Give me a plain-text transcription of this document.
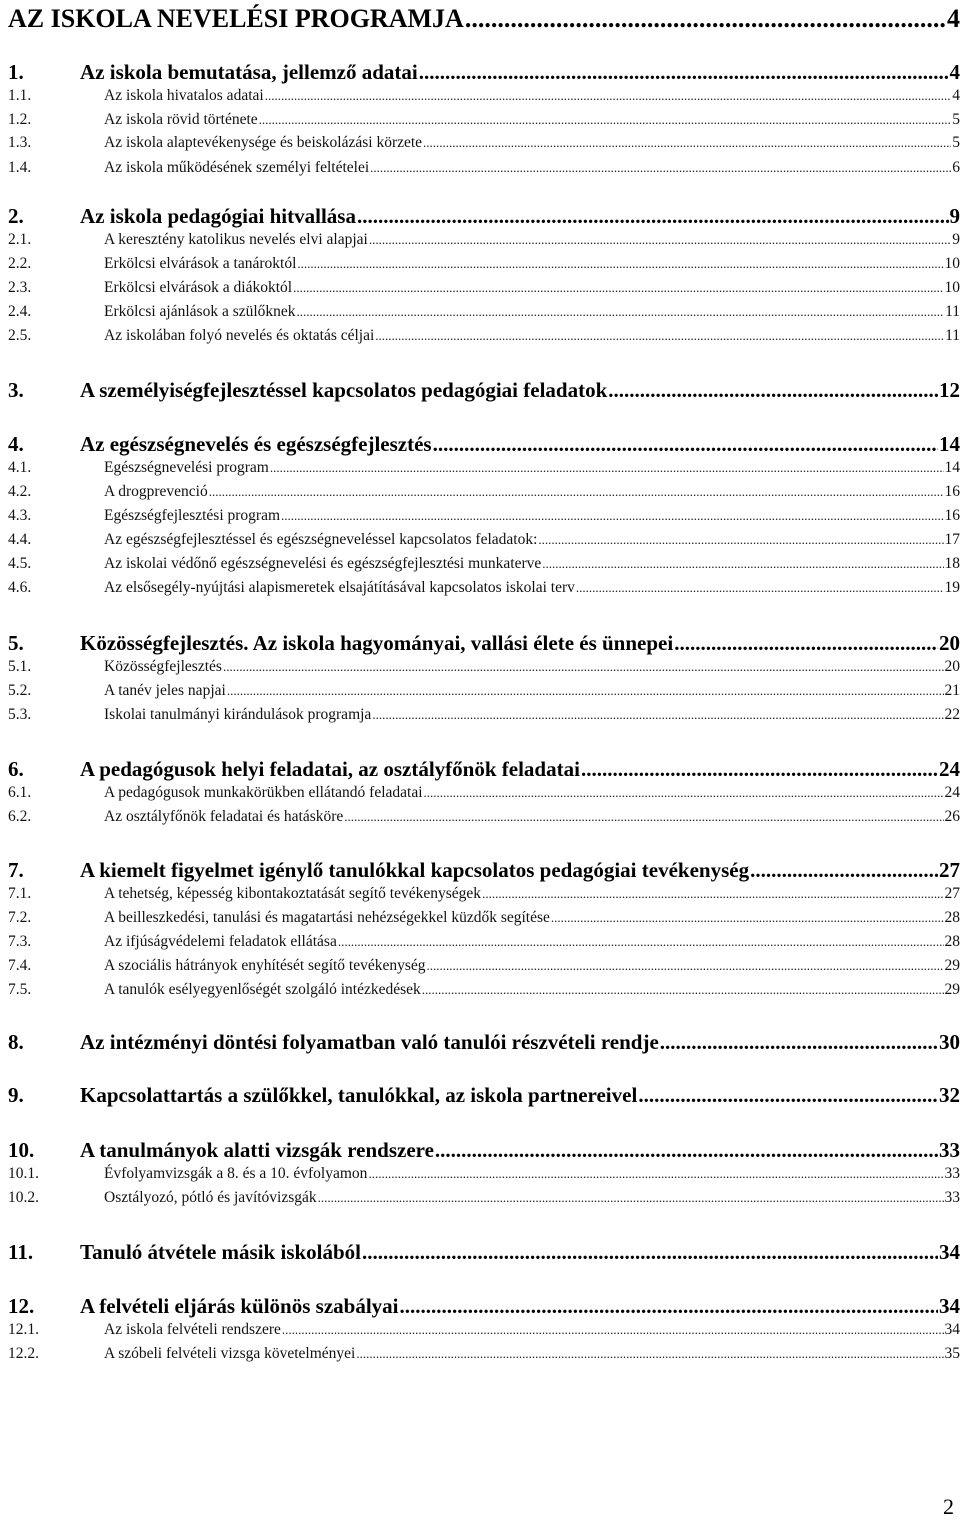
AZ ISKOLA NEVELÉSI PROGRAMJA .....	4
1.	Az iskola bemutatása, jellemző adatai .....	4
1.1.	Az iskola hivatalos adatai .....	4
1.2.	Az iskola rövid története .....	5
1.3.	Az iskola alaptevékenysége és beiskolázási körzete .....	5
1.4.	Az iskola működésének személyi feltételei .....	6
2.	Az iskola pedagógiai hitvallása .....	9
2.1.	A keresztény katolikus nevelés elvi alapjai .....	9
2.2.	Erkölcsi elvárások a tanároktól .....	10
2.3.	Erkölcsi elvárások a diákoktól .....	10
2.4.	Erkölcsi ajánlások a szülőknek .....	11
2.5.	Az iskolában folyó nevelés és oktatás céljai .....	11
3.	A személyiségfejlesztéssel kapcsolatos pedagógiai feladatok .....	12
4.	Az egészségnevelés és egészségfejlesztés .....	14
4.1.	Egészségnevelési program .....	14
4.2.	A drogprevenció .....	16
4.3.	Egészségfejlesztési program .....	16
4.4.	Az egészségfejlesztéssel és egészségneveléssel kapcsolatos feladatok: .....	17
4.5.	Az iskolai védőnő egészségnevelési és egészségfejlesztési munkaterve .....	18
4.6.	Az elsősegély-nyújtási alapismeretek elsajátításával kapcsolatos iskolai terv .....	19
5.	Közösségfejlesztés. Az iskola hagyományai, vallási élete és ünnepei .....	20
5.1.	Közösségfejlesztés .....	20
5.2.	A tanév jeles napjai .....	21
5.3.	Iskolai tanulmányi kirándulások programja .....	22
6.	A pedagógusok helyi feladatai, az osztályfőnök feladatai .....	24
6.1.	A pedagógusok munkakörükben ellátandó feladatai .....	24
6.2.	Az osztályfőnök feladatai és hatásköre .....	26
7.	A kiemelt figyelmet igénylő tanulókkal kapcsolatos pedagógiai tevékenység .....	27
7.1.	A tehetség, képesség kibontakoztatását segítő tevékenységek .....	27
7.2.	A beilleszkedési, tanulási és magatartási nehézségekkel küzdők segítése .....	28
7.3.	Az ifjúságvédelemi feladatok ellátása .....	28
7.4.	A szociális hátrányok enyhítését segítő tevékenység .....	29
7.5.	A tanulók esélyegyenlőségét szolgáló intézkedések .....	29
8.	Az intézményi döntési folyamatban való tanulói részvételi rendje .....	30
9.	Kapcsolattartás a szülőkkel, tanulókkal, az iskola partnereivel .....	32
10.	A tanulmányok alatti vizsgák rendszere .....	33
10.1.	Évfolyamvizsgák a 8. és a 10. évfolyamon .....	33
10.2.	Osztályozó, pótló és javítóvizsgák .....	33
11.	Tanuló átvétele másik iskolából .....	34
12.	A felvételi eljárás különös szabályai .....	34
12.1.	Az iskola felvételi rendszere .....	34
12.2.	A szóbeli felvételi vizsga követelményei .....	35
2
